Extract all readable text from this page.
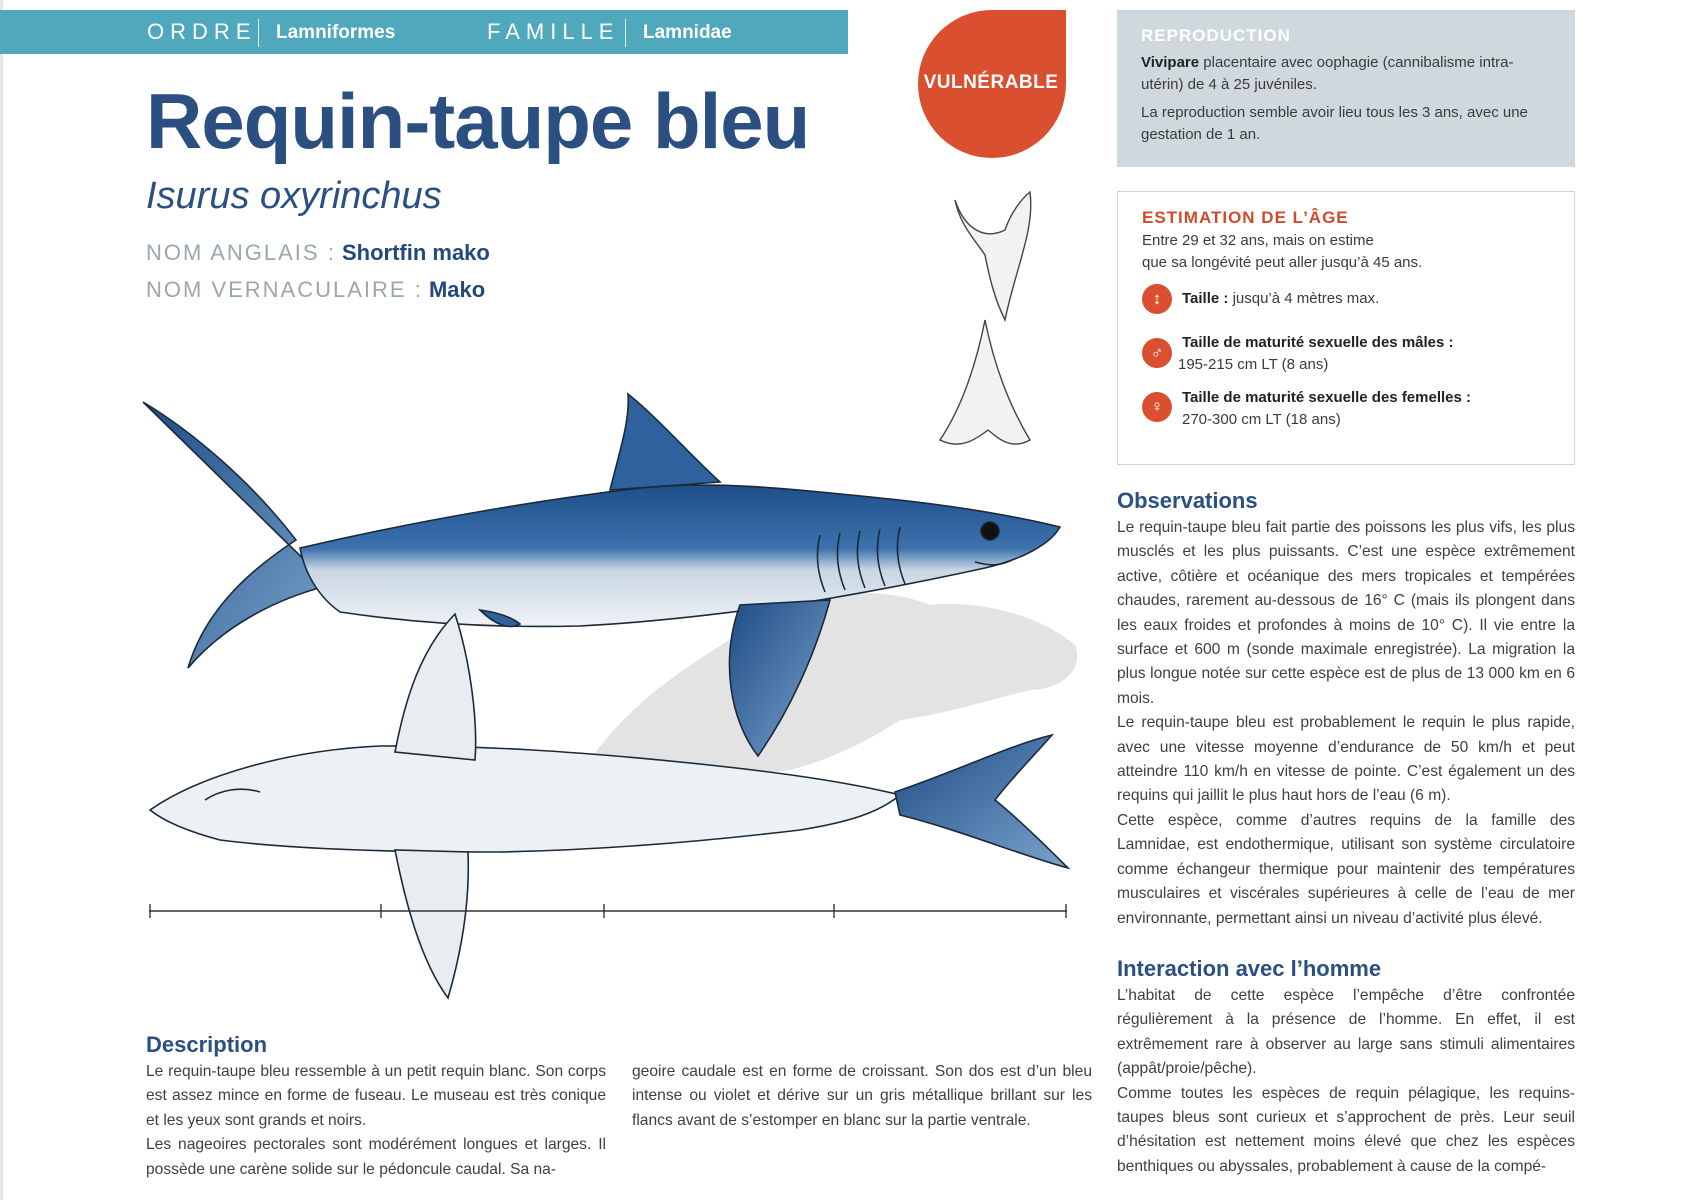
ORDRE Lamniformes	FAMILLE Lamnidae
VULNÉRABLE
Requin-taupe bleu
Isurus oxyrinchus
NOM ANGLAIS : Shortfin mako
NOM VERNACULAIRE : Mako
REPRODUCTION

Vivipare placentaire avec oophagie (cannibalisme intra-utérin) de 4 à 25 juvéniles.

La reproduction semble avoir lieu tous les 3 ans, avec une gestation de 1 an.

ESTIMATION DE L’ÂGE

Entre 29 et 32 ans, mais on estime

que sa longévité peut aller jusqu’à 45 ans.

↕	Taille : jusqu’à 4 mètres max.
♂
Taille de maturité sexuelle des mâles :
195-215 cm LT (8 ans)
♀	Taille de maturité sexuelle des femelles :
270-300 cm LT (18 ans)
Observations

Le requin-taupe bleu fait partie des poissons les plus vifs, les plus musclés et les plus puissants. C’est une espèce extrêmement active, côtière et océanique des mers tropicales et tempérées chaudes, rarement au-dessous de 16° C (mais ils plongent dans les eaux froides et profondes à moins de 10° C). Il vie entre la surface et 600 m (sonde maximale enregistrée). La migration la plus longue notée sur cette espèce est de plus de 13 000 km en 6 mois.

Le requin-taupe bleu est probablement le requin le plus rapide, avec une vitesse moyenne d’endurance de 50 km/h et peut atteindre 110 km/h en vitesse de pointe. C’est également un des requins qui jaillit le plus haut hors de l’eau (6 m).

Cette espèce, comme d’autres requins de la famille des Lamnidae, est endothermique, utilisant son système circulatoire comme échangeur thermique pour maintenir des températures musculaires et viscérales supérieures à celle de l’eau de mer environnante, permettant ainsi un niveau d’activité plus élevé.

Interaction avec l’homme

L’habitat de cette espèce l’empêche d’être confrontée régulièrement à la présence de l’homme. En effet, il est extrêmement rare à observer au large sans stimuli alimentaires (appât/proie/pêche).

Comme toutes les espèces de requin pélagique, les requins-taupes bleus sont curieux et s’approchent de près. Leur seuil d’hésitation est nettement moins élevé que chez les espèces benthiques ou abyssales, probablement à cause de la compé-

Description

Le requin-taupe bleu ressemble à un petit requin blanc. Son corps est assez mince en forme de fuseau. Le museau est très conique et les yeux sont grands et noirs.

Les nageoires pectorales sont modérément longues et larges. Il possède une carène solide sur le pédoncule caudal. Sa na-

geoire caudale est en forme de croissant. Son dos est d’un bleu intense ou violet et dérive sur un gris métallique brillant sur les flancs avant de s’estomper en blanc sur la partie ventrale.
